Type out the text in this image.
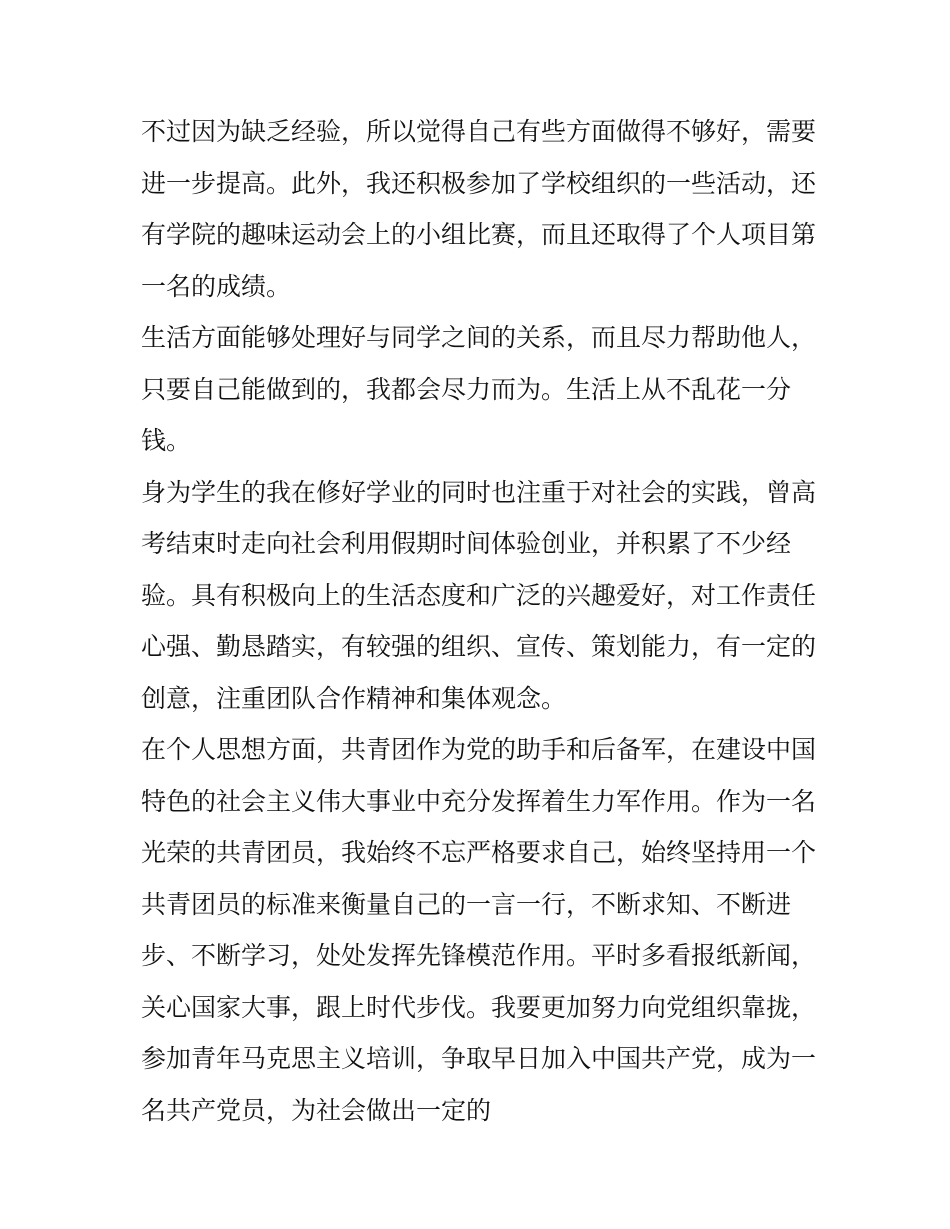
不过因为缺乏经验，所以觉得自己有些方面做得不够好，需要
进一步提高。此外，我还积极参加了学校组织的一些活动，还
有学院的趣味运动会上的小组比赛，而且还取得了个人项目第
一名的成绩。
生活方面能够处理好与同学之间的关系，而且尽力帮助他人，
只要自己能做到的，我都会尽力而为。生活上从不乱花一分
钱。
身为学生的我在修好学业的同时也注重于对社会的实践，曾高
考结束时走向社会利用假期时间体验创业，并积累了不少经
验。具有积极向上的生活态度和广泛的兴趣爱好，对工作责任
心强、勤恳踏实，有较强的组织、宣传、策划能力，有一定的
创意，注重团队合作精神和集体观念。
在个人思想方面，共青团作为党的助手和后备军，在建设中国
特色的社会主义伟大事业中充分发挥着生力军作用。作为一名
光荣的共青团员，我始终不忘严格要求自己，始终坚持用一个
共青团员的标准来衡量自己的一言一行，不断求知、不断进
步、不断学习，处处发挥先锋模范作用。平时多看报纸新闻，
关心国家大事，跟上时代步伐。我要更加努力向党组织靠拢，
参加青年马克思主义培训，争取早日加入中国共产党，成为一
名共产党员，为社会做出一定的
